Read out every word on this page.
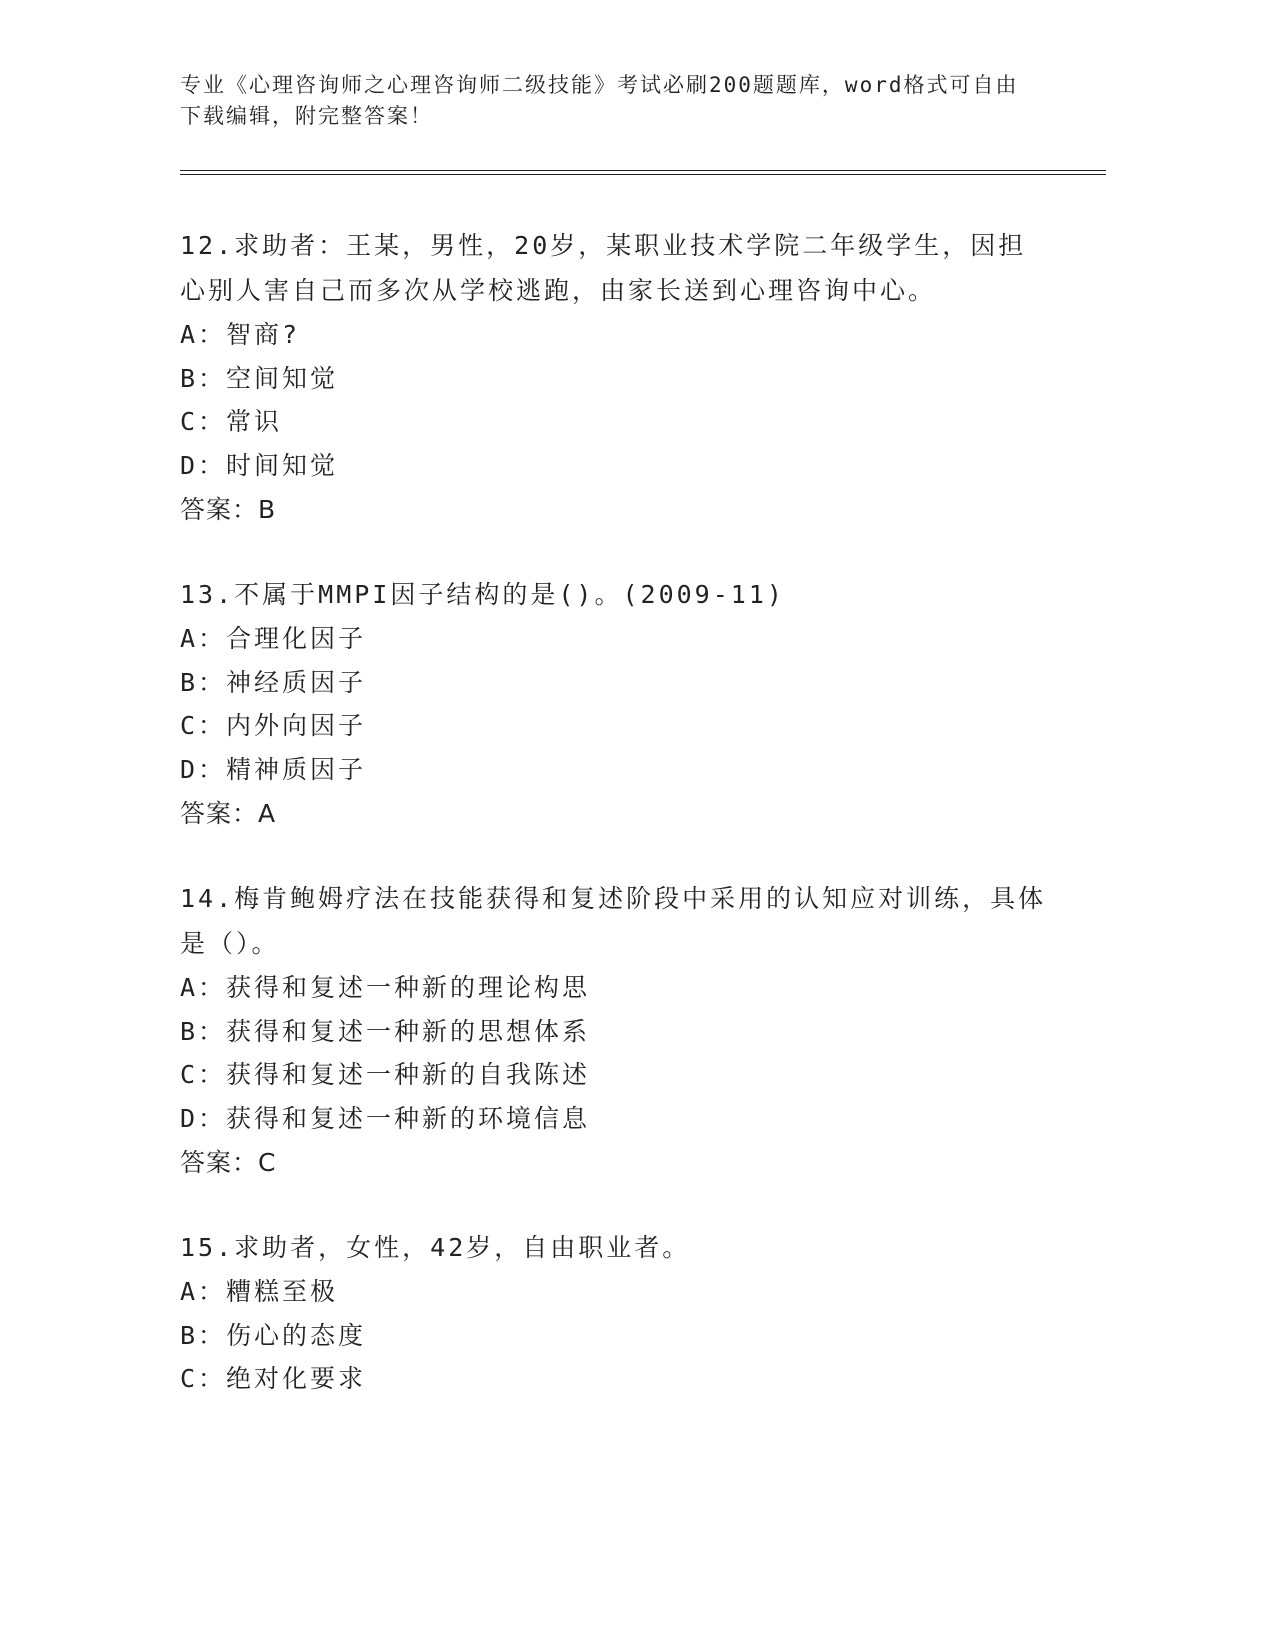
专业《心理咨询师之心理咨询师二级技能》考试必刷200题题库，word格式可自由下载编辑，附完整答案！

12.求助者：王某，男性，20岁，某职业技术学院二年级学生，因担心别人害自己而多次从学校逃跑，由家长送到心理咨询中心。

A：智商?

B：空间知觉

C：常识

D：时间知觉

答案：B

13.不属于MMPI因子结构的是()。(2009-11)

A：合理化因子

B：神经质因子

C：内外向因子

D：精神质因子

答案：A

14.梅肯鲍姆疗法在技能获得和复述阶段中采用的认知应对训练，具体是（）。

A：获得和复述一种新的理论构思

B：获得和复述一种新的思想体系

C：获得和复述一种新的自我陈述

D：获得和复述一种新的环境信息

答案：C

15.求助者，女性，42岁，自由职业者。

A：糟糕至极

B：伤心的态度

C：绝对化要求
